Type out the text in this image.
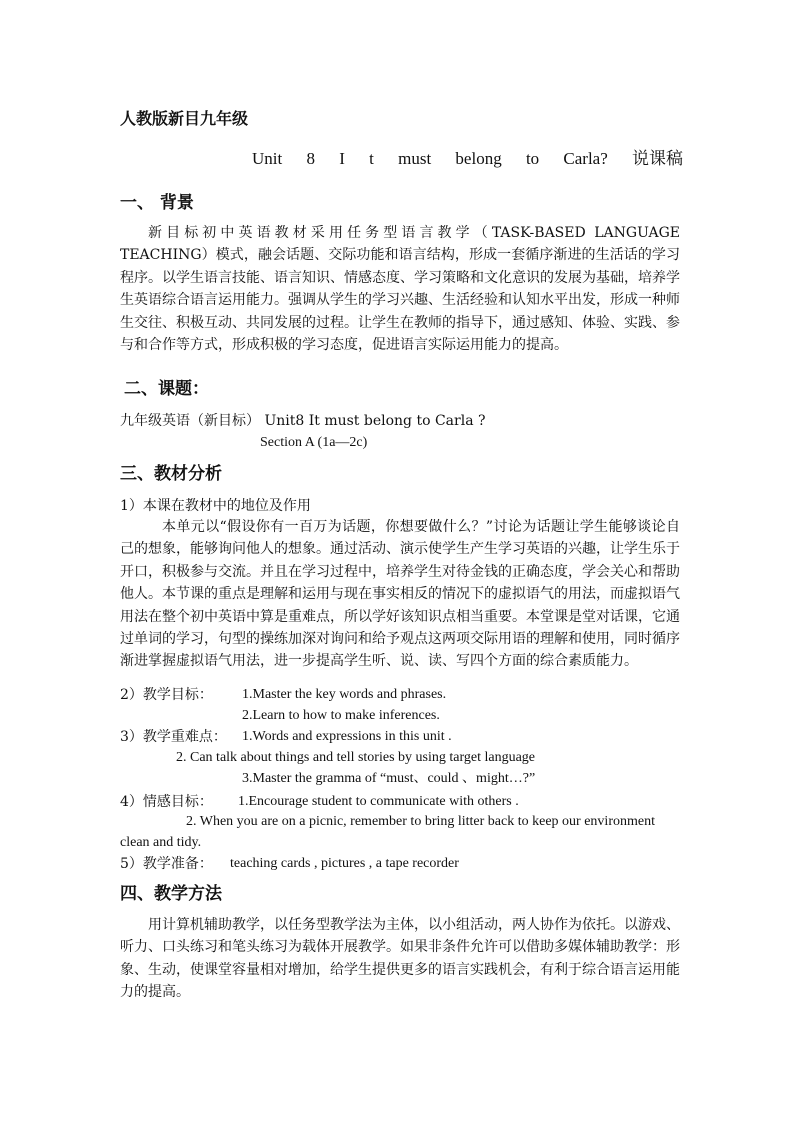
人教版新目九年级
Unit 8 I t must belong to Carla? 说课稿
一、 背景
新目标初中英语教材采用任务型语言教学（TASK-BASED LANGUAGE TEACHING）模式，融会话题、交际功能和语言结构，形成一套循序渐进的生活话的学习程序。以学生语言技能、语言知识、情感态度、学习策略和文化意识的发展为基础，培养学生英语综合语言运用能力。强调从学生的学习兴趣、生活经验和认知水平出发，形成一种师生交往、积极互动、共同发展的过程。让学生在教师的指导下，通过感知、体验、实践、参与和合作等方式，形成积极的学习态度，促进语言实际运用能力的提高。
二、课题：
九年级英语（新目标） Unit8 It must belong to Carla ?
Section A (1a—2c)
三、教材分析
1）本课在教材中的地位及作用
本单元以“假设你有一百万为话题，你想要做什么？”讨论为话题让学生能够谈论自己的想象，能够询问他人的想象。通过活动、演示使学生产生学习英语的兴趣，让学生乐于开口，积极参与交流。并且在学习过程中，培养学生对待金钱的正确态度，学会关心和帮助他人。本节课的重点是理解和运用与现在事实相反的情况下的虚拟语气的用法，而虚拟语气用法在整个初中英语中算是重难点，所以学好该知识点相当重要。本堂课是堂对话课，它通过单词的学习，句型的操练加深对询问和给予观点这两项交际用语的理解和使用，同时循序渐进掌握虚拟语气用法，进一步提高学生听、说、读、写四个方面的综合素质能力。
2）教学目标： 1.Master the key words and phrases.
2.Learn to how to make inferences.
3）教学重难点： 1.Words and expressions in this unit .
2. Can talk about things and tell stories by using target language
3.Master the gramma of “must、could 、might…?”
4）情感目标： 1.Encourage student to communicate with others .
2. When you are on a picnic, remember to bring litter back to keep our environment
clean and tidy.
5）教学准备： teaching cards , pictures , a tape recorder
四、教学方法
用计算机辅助教学，以任务型教学法为主体，以小组活动，两人协作为依托。以游戏、听力、口头练习和笔头练习为载体开展教学。如果非条件允许可以借助多媒体辅助教学：形象、生动，使课堂容量相对增加，给学生提供更多的语言实践机会，有利于综合语言运用能力的提高。
